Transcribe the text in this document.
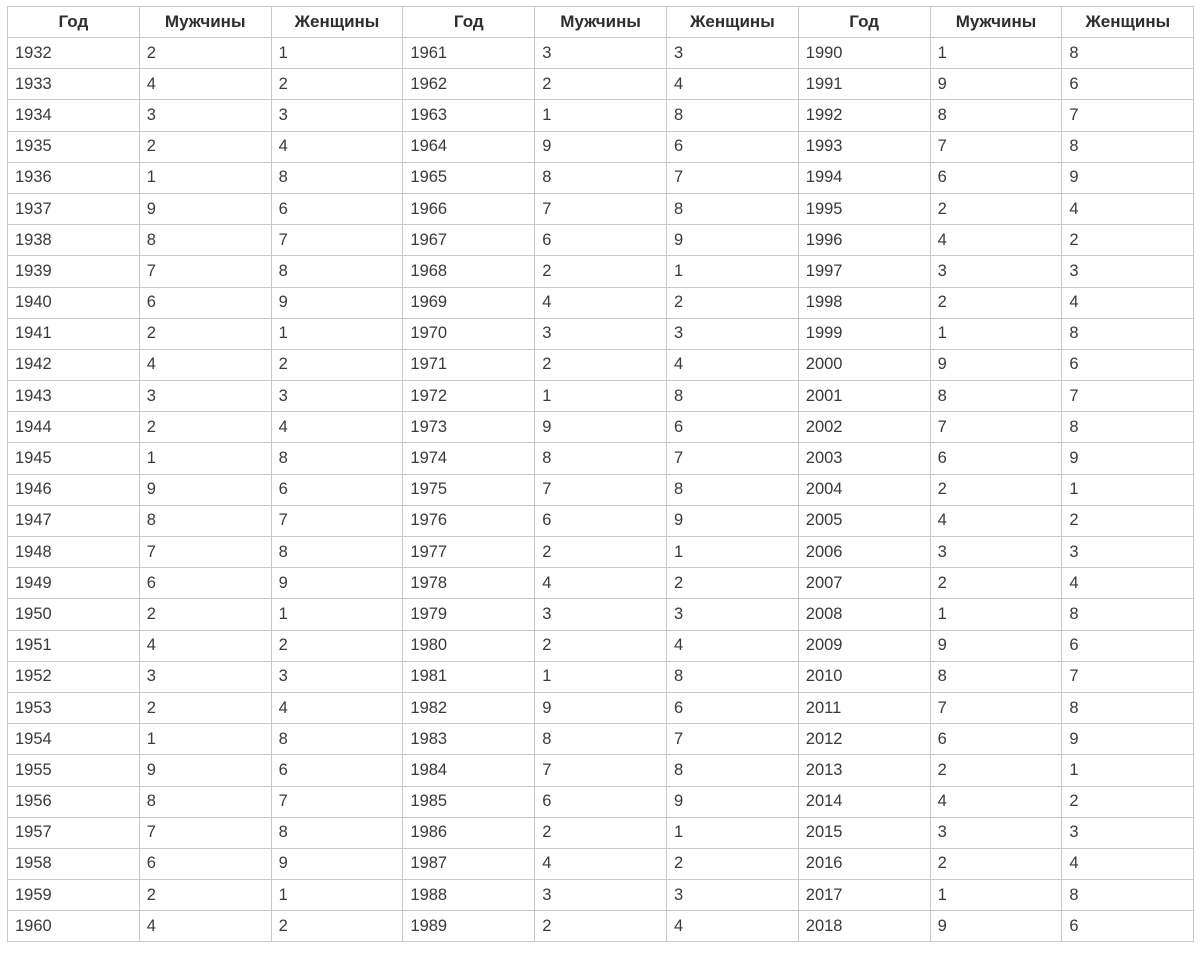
Год	Мужчины	Женщины	Год	Мужчины	Женщины	Год	Мужчины	Женщины
1932	2	1	1961	3	3	1990	1	8
1933	4	2	1962	2	4	1991	9	6
1934	3	3	1963	1	8	1992	8	7
1935	2	4	1964	9	6	1993	7	8
1936	1	8	1965	8	7	1994	6	9
1937	9	6	1966	7	8	1995	2	4
1938	8	7	1967	6	9	1996	4	2
1939	7	8	1968	2	1	1997	3	3
1940	6	9	1969	4	2	1998	2	4
1941	2	1	1970	3	3	1999	1	8
1942	4	2	1971	2	4	2000	9	6
1943	3	3	1972	1	8	2001	8	7
1944	2	4	1973	9	6	2002	7	8
1945	1	8	1974	8	7	2003	6	9
1946	9	6	1975	7	8	2004	2	1
1947	8	7	1976	6	9	2005	4	2
1948	7	8	1977	2	1	2006	3	3
1949	6	9	1978	4	2	2007	2	4
1950	2	1	1979	3	3	2008	1	8
1951	4	2	1980	2	4	2009	9	6
1952	3	3	1981	1	8	2010	8	7
1953	2	4	1982	9	6	2011	7	8
1954	1	8	1983	8	7	2012	6	9
1955	9	6	1984	7	8	2013	2	1
1956	8	7	1985	6	9	2014	4	2
1957	7	8	1986	2	1	2015	3	3
1958	6	9	1987	4	2	2016	2	4
1959	2	1	1988	3	3	2017	1	8
1960	4	2	1989	2	4	2018	9	6
